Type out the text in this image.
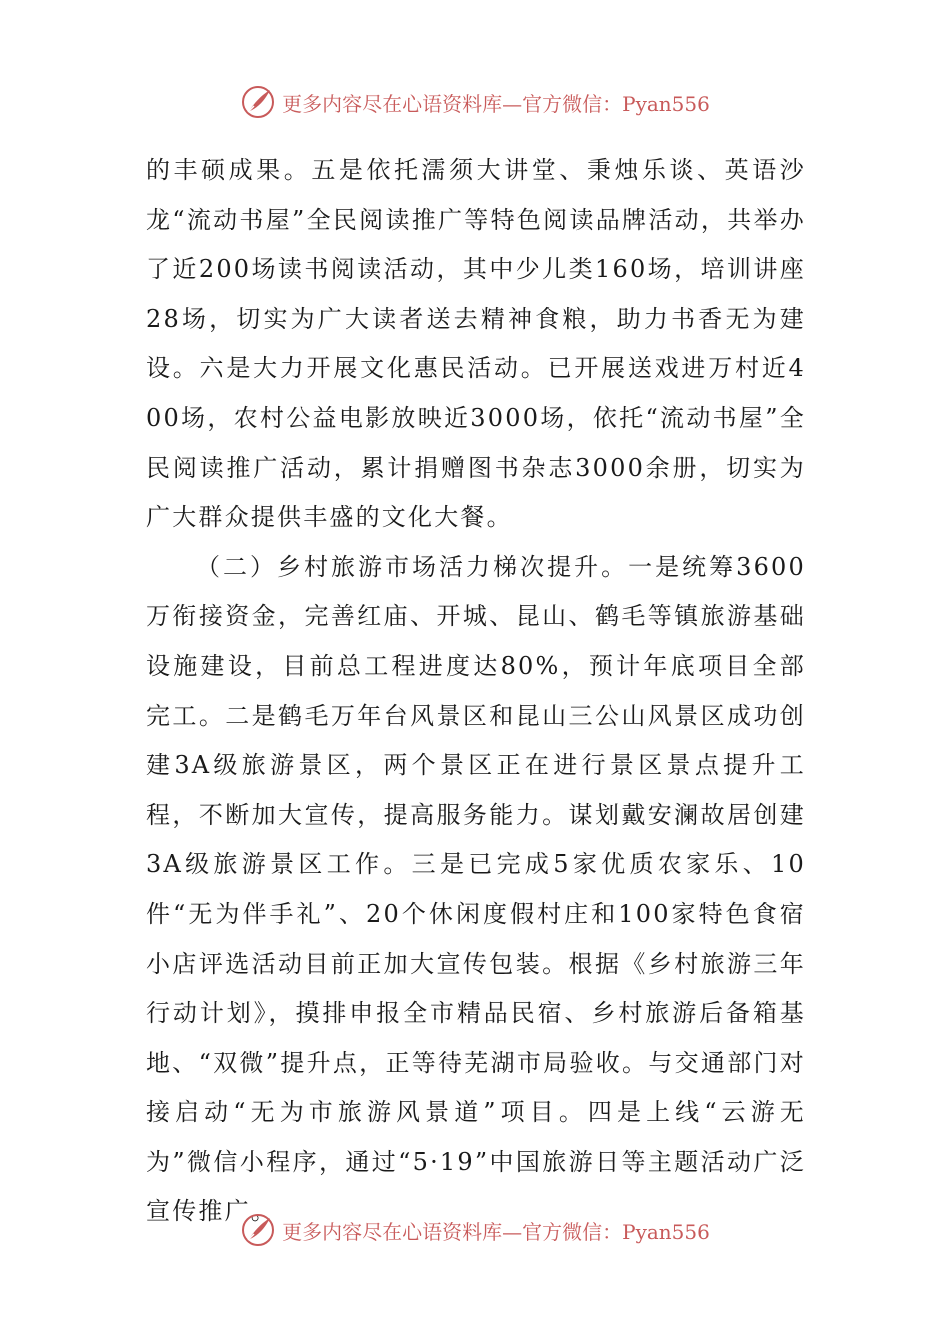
更多内容尽在心语资料库—官方微信：Pyan556

的丰硕成果。五是依托濡须大讲堂、秉烛乐谈、英语沙龙“流动书屋”全民阅读推广等特色阅读品牌活动，共举办了近200场读书阅读活动，其中少儿类160场，培训讲座28场，切实为广大读者送去精神食粮，助力书香无为建设。六是大力开展文化惠民活动。已开展送戏进万村近400场，农村公益电影放映近3000场，依托“流动书屋”全民阅读推广活动，累计捐赠图书杂志3000余册，切实为广大群众提供丰盛的文化大餐。

（二）乡村旅游市场活力梯次提升。一是统筹3600万衔接资金，完善红庙、开城、昆山、鹤毛等镇旅游基础设施建设，目前总工程进度达80%，预计年底项目全部完工。二是鹤毛万年台风景区和昆山三公山风景区成功创建3A级旅游景区，两个景区正在进行景区景点提升工程，不断加大宣传，提高服务能力。谋划戴安澜故居创建3A级旅游景区工作。三是已完成5家优质农家乐、10件“无为伴手礼”、20个休闲度假村庄和100家特色食宿小店评选活动目前正加大宣传包装。根据《乡村旅游三年行动计划》，摸排申报全市精品民宿、乡村旅游后备箱基地、“双微”提升点，正等待芜湖市局验收。与交通部门对接启动“无为市旅游风景道”项目。四是上线“云游无为”微信小程序，通过“5·19”中国旅游日等主题活动广泛宣传推广。

更多内容尽在心语资料库—官方微信：Pyan556
